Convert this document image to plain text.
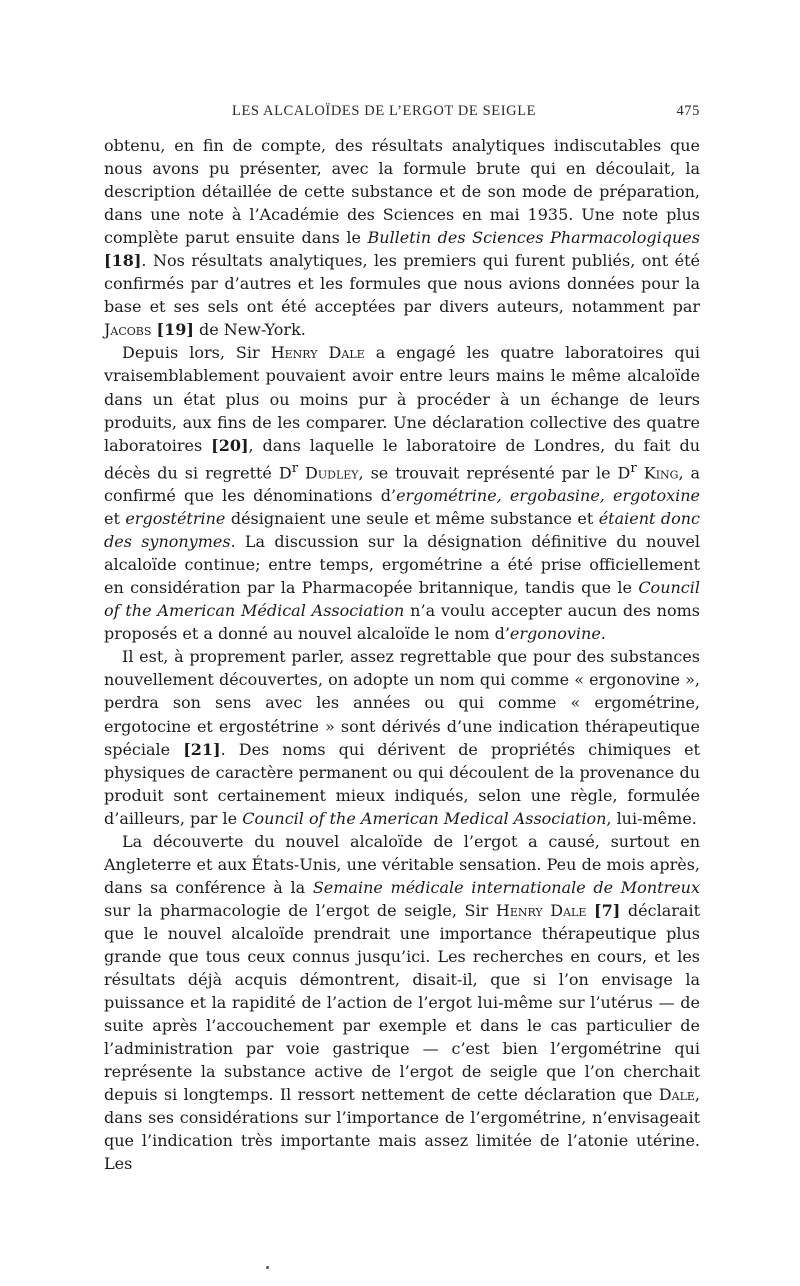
LES ALCALOÏDES DE L’ERGOT DE SEIGLE	475

obtenu, en fin de compte, des résultats analytiques indiscutables que nous avons pu présenter, avec la formule brute qui en découlait, la description détaillée de cette substance et de son mode de préparation, dans une note à l’Académie des Sciences en mai 1935. Une note plus complète parut ensuite dans le Bulletin des Sciences Pharmacologiques [18]. Nos résultats analytiques, les premiers qui furent publiés, ont été confirmés par d’autres et les formules que nous avions données pour la base et ses sels ont été acceptées par divers auteurs, notamment par Jacobs [19] de New-York.

Depuis lors, Sir Henry Dale a engagé les quatre laboratoires qui vraisemblablement pouvaient avoir entre leurs mains le même alcaloïde dans un état plus ou moins pur à procéder à un échange de leurs produits, aux fins de les comparer. Une déclaration collective des quatre laboratoires [20], dans laquelle le laboratoire de Londres, du fait du décès du si regretté $D^r$ Dudley, se trouvait représenté par le $D^r$ King, a confirmé que les dénominations d’ergométrine, ergobasine, ergotoxine et ergostétrine désignaient une seule et même substance et étaient donc des synonymes. La discussion sur la désignation définitive du nouvel alcaloïde continue; entre temps, ergométrine a été prise officiellement en considération par la Pharmacopée britannique, tandis que le Council of the American Médical Association n’a voulu accepter aucun des noms proposés et a donné au nouvel alcaloïde le nom d’ergonovine.

Il est, à proprement parler, assez regrettable que pour des substances nouvellement découvertes, on adopte un nom qui comme « ergonovine », perdra son sens avec les années ou qui comme « ergométrine, ergotocine et ergostétrine » sont dérivés d’une indication thérapeutique spéciale [21]. Des noms qui dérivent de propriétés chimiques et physiques de caractère permanent ou qui découlent de la provenance du produit sont certainement mieux indiqués, selon une règle, formulée d’ailleurs, par le Council of the American Medical Association, lui-même.

La découverte du nouvel alcaloïde de l’ergot a causé, surtout en Angleterre et aux États-Unis, une véritable sensation. Peu de mois après, dans sa conférence à la Semaine médicale internationale de Montreux sur la pharmacologie de l’ergot de seigle, Sir Henry Dale [7] déclarait que le nouvel alcaloïde prendrait une importance thérapeutique plus grande que tous ceux connus jusqu’ici. Les recherches en cours, et les résultats déjà acquis démontrent, disait-il, que si l’on envisage la puissance et la rapidité de l’action de l’ergot lui-même sur l’utérus — de suite après l’accouchement par exemple et dans le cas particulier de l’administration par voie gastrique — c’est bien l’ergométrine qui représente la substance active de l’ergot de seigle que l’on cherchait depuis si longtemps. Il ressort nettement de cette déclaration que Dale, dans ses considérations sur l’importance de l’ergométrine, n’envisageait que l’indication très importante mais assez limitée de l’atonie utérine. Les
